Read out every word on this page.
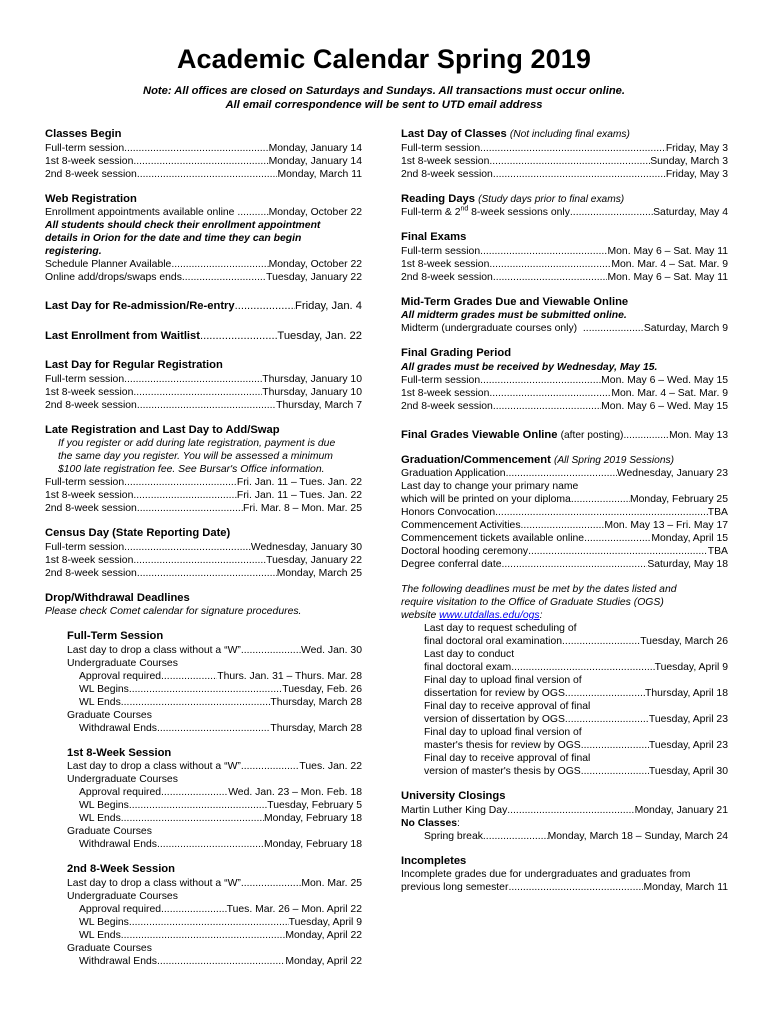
Academic Calendar Spring 2019
Note: All offices are closed on Saturdays and Sundays. All transactions must occur online.
All email correspondence will be sent to UTD email address
Classes Begin
Full-term session .....	Monday, January 14
1st 8-week session .....	Monday, January 14
2nd 8-week session .....	Monday, March 11
Web Registration
Enrollment appointments available online . .....	Monday, October 22
All students should check their enrollment appointment
details in Orion for the date and time they can begin
registering.
Schedule Planner Available .....	Monday, October 22
Online add/drops/swaps ends .....	Tuesday, January 22
Last Day for Re-admission/Re-entry .....	Friday, Jan. 4
Last Enrollment from Waitlist .....	Tuesday, Jan. 22
Last Day for Regular Registration
Full-term session .....	Thursday, January 10
1st 8-week session .....	Thursday, January 10
2nd 8-week session .....	Thursday, March 7
Late Registration and Last Day to Add/Swap
If you register or add during late registration, payment is due
the same day you register. You will be assessed a minimum
$100 late registration fee. See Bursar's Office information.
Full-term session .....	Fri. Jan. 11 – Tues. Jan. 22
1st 8-week session .....	Fri. Jan. 11 – Tues. Jan. 22
2nd 8-week session .....	Fri. Mar. 8 – Mon. Mar. 25
Census Day (State Reporting Date)
Full-term session .....	Wednesday, January 30
1st 8-week session .....	Tuesday, January 22
2nd 8-week session .....	Monday, March 25
Drop/Withdrawal Deadlines
Please check Comet calendar for signature procedures.
Full-Term Session
Last day to drop a class without a “W” .....	Wed. Jan. 30
Undergraduate Courses
Approval required .....	Thurs. Jan. 31 – Thurs. Mar. 28
WL Begins .....	Tuesday, Feb. 26
WL Ends .....	Thursday, March 28
Graduate Courses
Withdrawal Ends .....	Thursday, March 28
1st 8-Week Session
Last day to drop a class without a “W” .....	Tues. Jan. 22
Undergraduate Courses
Approval required .....	Wed. Jan. 23 – Mon. Feb. 18
WL Begins .....	Tuesday, February 5
WL Ends .....	Monday, February 18
Graduate Courses
Withdrawal Ends .....	Monday, February 18
2nd 8-Week Session
Last day to drop a class without a “W” .....	Mon. Mar. 25
Undergraduate Courses
Approval required .....	Tues. Mar. 26 – Mon. April 22
WL Begins .....	Tuesday, April 9
WL Ends .....	Monday, April 22
Graduate Courses
Withdrawal Ends .....	Monday, April 22
Last Day of Classes (Not including final exams)
Full-term session .....	Friday, May 3
1st 8-week session .....	Sunday, March 3
2nd 8-week session .....	Friday, May 3
Reading Days (Study days prior to final exams)
Full-term & 2nd 8-week sessions only .....	Saturday, May 4
Final Exams
Full-term session .....	Mon. May 6 – Sat. May 11
1st 8-week session .....	Mon. Mar. 4 – Sat. Mar. 9
2nd 8-week session .....	Mon. May 6 – Sat. May 11
Mid-Term Grades Due and Viewable Online
All midterm grades must be submitted online.
Midterm (undergraduate courses only) .....	Saturday, March 9
Final Grading Period
All grades must be received by Wednesday, May 15.
Full-term session .....	Mon. May 6 – Wed. May 15
1st 8-week session .....	Mon. Mar. 4 – Sat. Mar. 9
2nd 8-week session .....	Mon. May 6 – Wed. May 15
Final Grades Viewable Online (after posting) .....	Mon. May 13
Graduation/Commencement (All Spring 2019 Sessions)
Graduation Application .....	Wednesday, January 23
Last day to change your primary name
which will be printed on your diploma .....	Monday, February 25
Honors Convocation .....	TBA
Commencement Activities .....	Mon. May 13 – Fri. May 17
Commencement tickets available online .....	Monday, April 15
Doctoral hooding ceremony .....	TBA
Degree conferral date .....	Saturday, May 18
The following deadlines must be met by the dates listed and
require visitation to the Office of Graduate Studies (OGS)
website www.utdallas.edu/ogs:
Last day to request scheduling of
final doctoral oral examination .....	Tuesday, March 26
Last day to conduct
final doctoral exam .....	Tuesday, April 9
Final day to upload final version of
dissertation for review by OGS .....	Thursday, April 18
Final day to receive approval of final
version of dissertation by OGS .....	Tuesday, April 23
Final day to upload final version of
master's thesis for review by OGS .....	Tuesday, April 23
Final day to receive approval of final
version of master's thesis by OGS .....	Tuesday, April 30
University Closings
Martin Luther King Day .....	Monday, January 21
No Classes:
Spring break .....	Monday, March 18 – Sunday, March 24
Incompletes
Incomplete grades due for undergraduates and graduates from
previous long semester .....	Monday, March 11
